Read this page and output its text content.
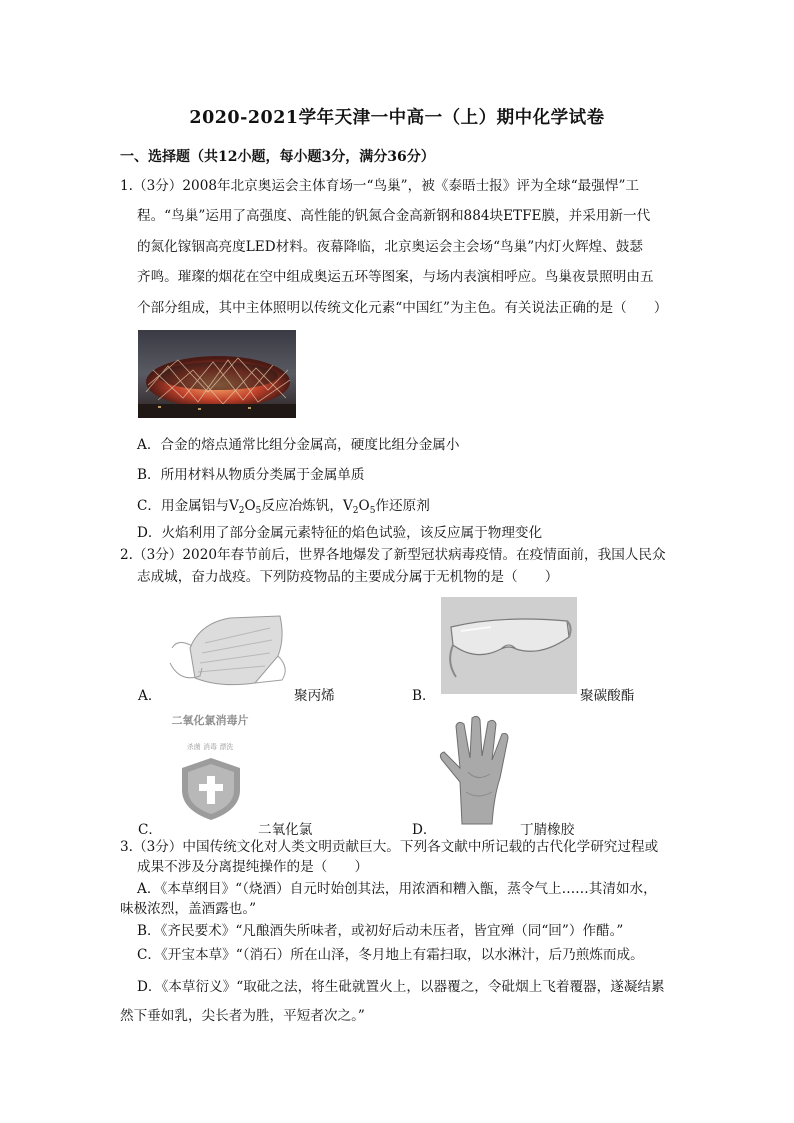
2020-2021学年天津一中高一（上）期中化学试卷
一、选择题（共12小题，每小题3分，满分36分）
1.（3分）2008年北京奥运会主体育场一“鸟巢”，被《泰晤士报》评为全球“最强悍”工
程。“鸟巢”运用了高强度、高性能的钒氮合金高新钢和884块ETFE膜，并采用新一代
的氮化镓铟高亮度LED材料。夜幕降临，北京奥运会主会场“鸟巢”内灯火辉煌、鼓瑟
齐鸣。璀璨的烟花在空中组成奥运五环等图案，与场内表演相呼应。鸟巢夜景照明由五
个部分组成，其中主体照明以传统文化元素“中国红”为主色。有关说法正确的是（　　）
A．合金的熔点通常比组分金属高，硬度比组分金属小
B．所用材料从物质分类属于金属单质
C．用金属铝与$V_2O_5$反应冶炼钒，$V_2O_5$作还原剂
D．火焰利用了部分金属元素特征的焰色试验，该反应属于物理变化
2.（3分）2020年春节前后，世界各地爆发了新型冠状病毒疫情。在疫情面前，我国人民众
志成城，奋力战疫。下列防疫物品的主要成分属于无机物的是（　　）
A．	聚丙烯	B．	聚碳酸酯
C．
二氧化氯消毒片
杀菌 消毒 漂洗
二氧化氯	D．	丁腈橡胶
3.（3分）中国传统文化对人类文明贡献巨大。下列各文献中所记载的古代化学研究过程或
成果不涉及分离提纯操作的是（　　）
A．《本草纲目》“（烧酒）自元时始创其法，用浓酒和糟入甑，蒸令气上……其清如水，
味极浓烈，盖酒露也。”
B．《齐民要术》“凡酿酒失所味者，或初好后动未压者，皆宜殚（同“回”）作醋。”
C．《开宝本草》“（消石）所在山泽，冬月地上有霜扫取，以水淋汁，后乃煎炼而成。
D．《本草衍义》“取砒之法，将生砒就置火上，以器覆之，令砒烟上飞着覆器，遂凝结累
然下垂如乳，尖长者为胜，平短者次之。”
